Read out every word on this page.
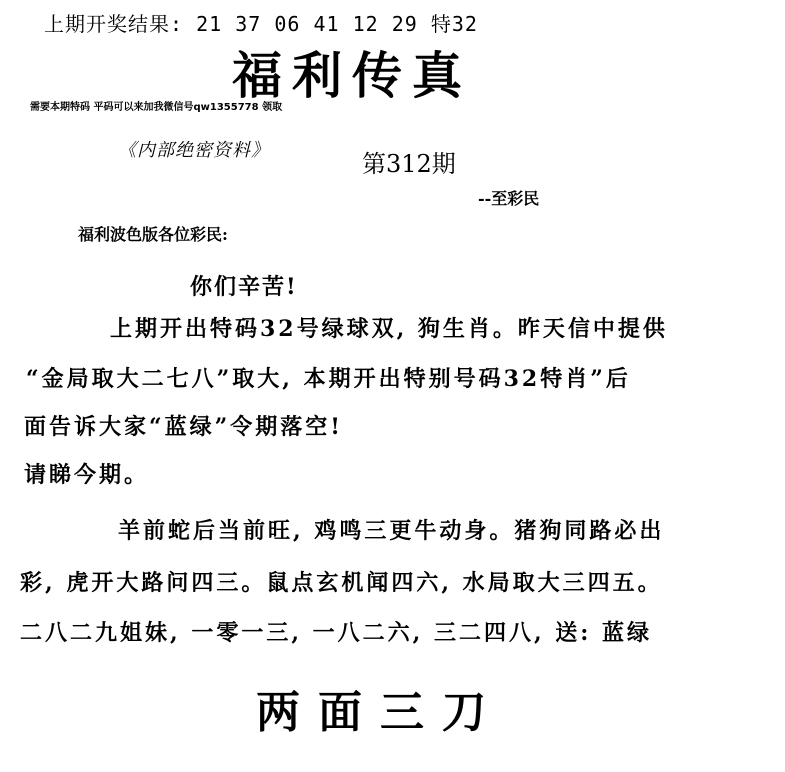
上期开奖结果: 21 37 06 41 12 29 特32
福利传真
需要本期特码 平码可以来加我微信号qw1355778 领取
《内部绝密资料》	第312期
--至彩民
福利波色版各位彩民:
你们辛苦!
上期开出特码32号绿球双, 狗生肖。昨天信中提供
“金局取大二七八”取大, 本期开出特别号码32特肖”后
面告诉大家“蓝绿”令期落空!
请睇今期。
羊前蛇后当前旺, 鸡鸣三更牛动身。猪狗同路必出
彩, 虎开大路问四三。鼠点玄机闻四六, 水局取大三四五。
二八二九姐妹, 一零一三, 一八二六, 三二四八, 送: 蓝绿
两面三刀
